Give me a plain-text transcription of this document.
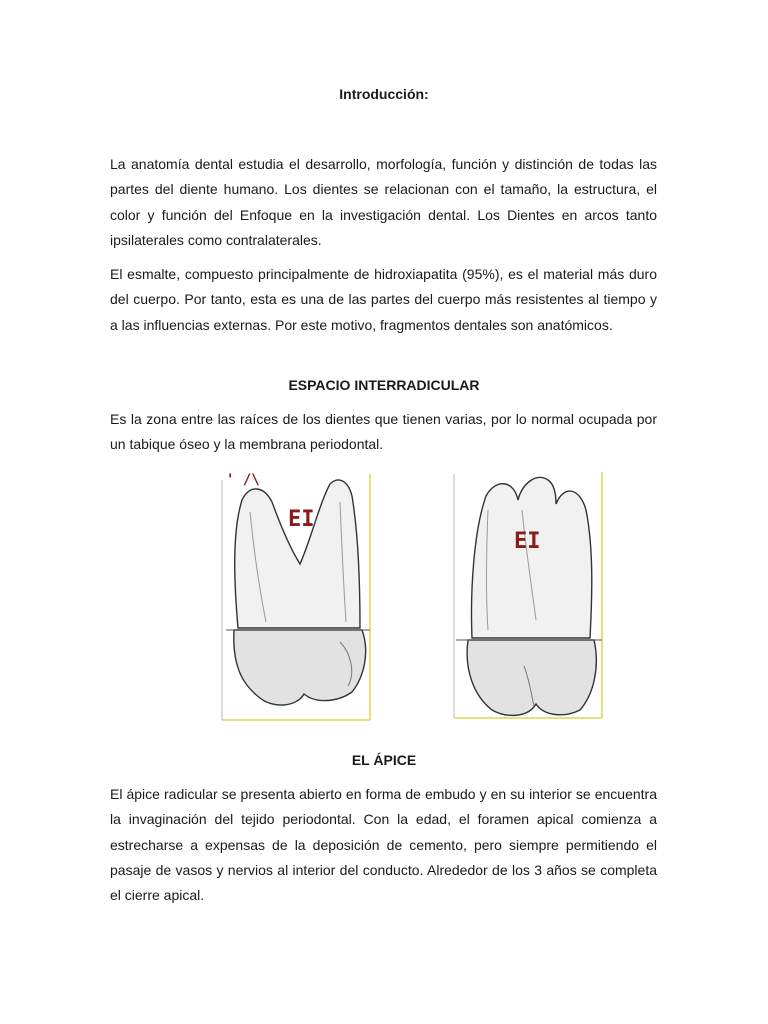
Introducción:

La anatomía dental estudia el desarrollo, morfología, función y distinción de todas las partes del diente humano. Los dientes se relacionan con el tamaño, la estructura, el color y función del Enfoque en la investigación dental. Los Dientes en arcos tanto ipsilaterales como contralaterales.

El esmalte, compuesto principalmente de hidroxiapatita (95%), es el material más duro del cuerpo. Por tanto, esta es una de las partes del cuerpo más resistentes al tiempo y a las influencias externas. Por este motivo, fragmentos dentales son anatómicos.

ESPACIO INTERRADICULAR

Es la zona entre las raíces de los dientes que tienen varias, por lo normal ocupada por un tabique óseo y la membrana periodontal.

' /\
EI
EI
EL ÁPICE

El ápice radicular se presenta abierto en forma de embudo y en su interior se encuentra la invaginación del tejido periodontal. Con la edad, el foramen apical comienza a estrecharse a expensas de la deposición de cemento, pero siempre permitiendo el pasaje de vasos y nervios al interior del conducto. Alrededor de los 3 años se completa el cierre apical.
